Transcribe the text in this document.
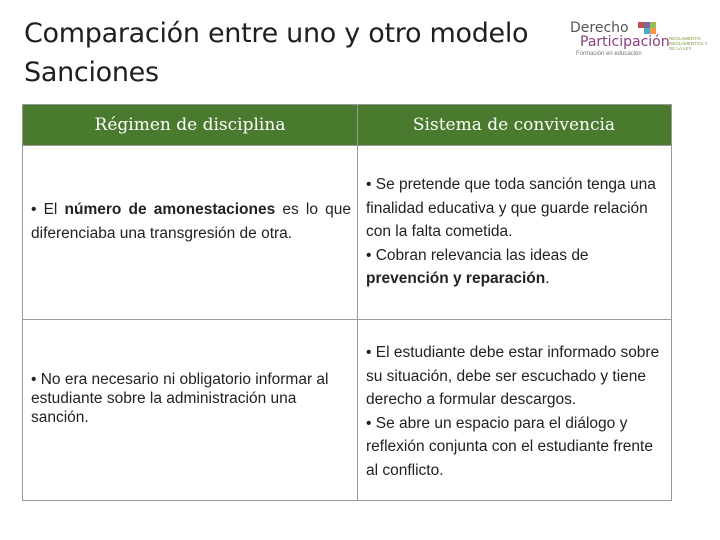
Comparación entre uno y otro modelo
Sanciones
Derecho
Participación
Formación en educación
REGLAMENTO, REGLAMENTOS Y DE LA LEY
Régimen de disciplina	Sistema de convivencia
• El número de amonestaciones es lo que diferenciaba una transgresión de otra.
• Se pretende que toda sanción tenga una finalidad educativa y que guarde relación con la falta cometida.
• Cobran relevancia las ideas de prevención y reparación.
• No era necesario ni obligatorio informar al estudiante sobre la administración una sanción.
• El estudiante debe estar informado sobre su situación, debe ser escuchado y tiene derecho a formular descargos.
• Se abre un espacio para el diálogo y reflexión conjunta con el estudiante frente al conflicto.
